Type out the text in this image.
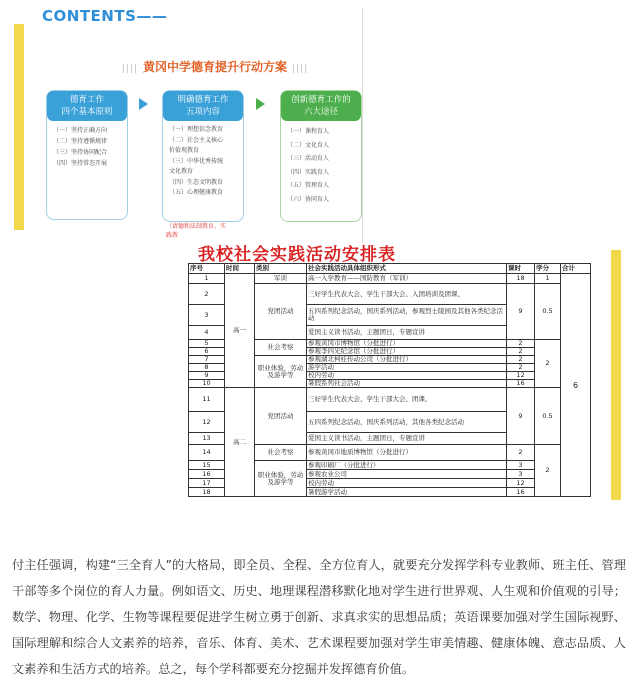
CONTENTS——
|||| 黄冈中学德育提升行动方案 ||||
德育工作
四个基本原则
（一）坚持正确方向
（二）坚持遵循规律
（三）坚持协同配合
（四）坚持常态开展
明确德育工作
五项内容
（一）理想信念教育
（二）社会主义核心
价值观教育
（三）中华优秀传统
文化教育
（四）生态文明教育
（五）心理健康教育
创新德育工作的
六大途径
（一）课程育人
（二）文化育人
（三）活动育人
（四）实践育人
（五）管理育人
（六）协同育人
（请德和法制教育、实践教
我校社会实践活动安排表
序号	时间	类别	社会实践活动具体组织形式	课时	学分	合计
1	高一	军训	高一入学教育——国防教育（军训）	18	1	6
2		党团活动	三好学生代表大会、学生干部大会、入团培训及团课、	9	0.5	
3			五四系列纪念活动，国庆系列活动，参观烈士陵园及其他各类纪念活动			
4			爱国主义读书活动，主题团日，专题宣讲			
5		社会考察	参观黄冈市博物馆（分批进行）	2	2	
6			参观李四光纪念馆（分批进行）	2		
7		职业体验，劳动及游学等	参观湖北柯桂传动公司（分批进行）	2		
8			游学活动	2		
9			校内劳动	12		
10			暑假系列社会活动	16		
11	高二	党团活动	三好学生代表大会、学生干部大会、团课、	9	0.5	
12			五四系列纪念活动，国庆系列活动，其他各类纪念活动			
13			爱国主义读书活动，主题团日，专题宣讲			
14		社会考察	参观黄冈市地质博物馆（分批进行）	2	2	
15		职业体验，劳动及游学等	参观印刷厂（分批进行）	3		
16			参观农业公司	3		
17			校内劳动	12		
18			暑假游学活动	16		
付主任强调，构建“三全育人”的大格局，即全员、全程、全方位育人，就要充分发挥学科专业教师、班主任、管理干部等多个岗位的育人力量。例如语文、历史、地理课程潜移默化地对学生进行世界观、人生观和价值观的引导；数学、物理、化学、生物等课程要促进学生树立勇于创新、求真求实的思想品质；英语课要加强对学生国际视野、国际理解和综合人文素养的培养，音乐、体育、美术、艺术课程要加强对学生审美情趣、健康体魄、意志品质、人文素养和生活方式的培养。总之，每个学科都要充分挖掘并发挥德育价值。
